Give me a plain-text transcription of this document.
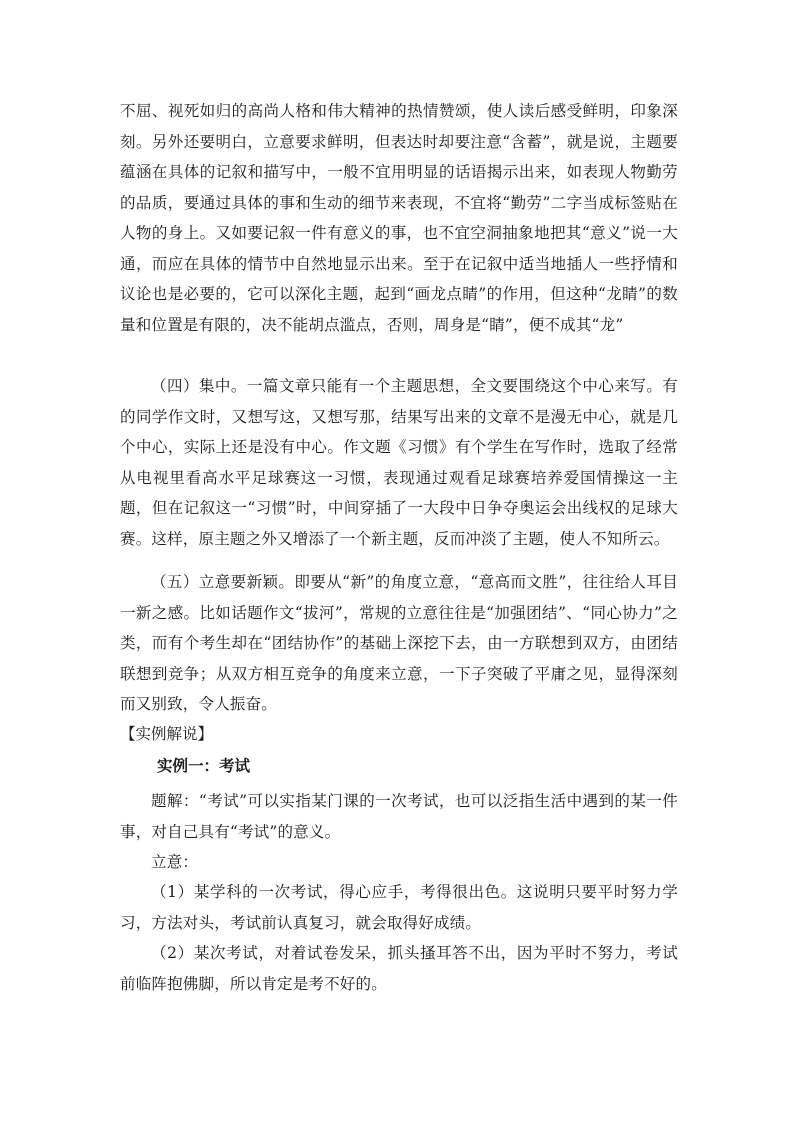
不屈、视死如归的高尚人格和伟大精神的热情赞颂，使人读后感受鲜明，印象深刻。另外还要明白，立意要求鲜明，但表达时却要注意“含蓄”，就是说，主题要蕴涵在具体的记叙和描写中，一般不宜用明显的话语揭示出来，如表现人物勤劳的品质，要通过具体的事和生动的细节来表现，不宜将“勤劳”二字当成标签贴在人物的身上。又如要记叙一件有意义的事，也不宜空洞抽象地把其“意义”说一大通，而应在具体的情节中自然地显示出来。至于在记叙中适当地插人一些抒情和议论也是必要的，它可以深化主题，起到“画龙点睛”的作用，但这种“龙睛”的数量和位置是有限的，决不能胡点滥点，否则，周身是“睛”，便不成其“龙”

（四）集中。一篇文章只能有一个主题思想，全文要围绕这个中心来写。有的同学作文时，又想写这，又想写那，结果写出来的文章不是漫无中心，就是几个中心，实际上还是没有中心。作文题《习惯》有个学生在写作时，选取了经常从电视里看高水平足球赛这一习惯，表现通过观看足球赛培养爱国情操这一主题，但在记叙这一“习惯”时，中间穿插了一大段中日争夺奥运会出线权的足球大赛。这样，原主题之外又增添了一个新主题，反而冲淡了主题，使人不知所云。

（五）立意要新颖。即要从“新”的角度立意，“意高而文胜”，往往给人耳目一新之感。比如话题作文“拔河”，常规的立意往往是“加强团结”、“同心协力”之类，而有个考生却在“团结协作”的基础上深挖下去，由一方联想到双方，由团结联想到竞争；从双方相互竞争的角度来立意，一下子突破了平庸之见，显得深刻而又别致，令人振奋。

【实例解说】

实例一：考试

题解：“考试”可以实指某门课的一次考试，也可以泛指生活中遇到的某一件事，对自己具有“考试”的意义。

立意：

（1）某学科的一次考试，得心应手，考得很出色。这说明只要平时努力学习，方法对头，考试前认真复习，就会取得好成绩。

（2）某次考试，对着试卷发呆，抓头搔耳答不出，因为平时不努力，考试前临阵抱佛脚，所以肯定是考不好的。
